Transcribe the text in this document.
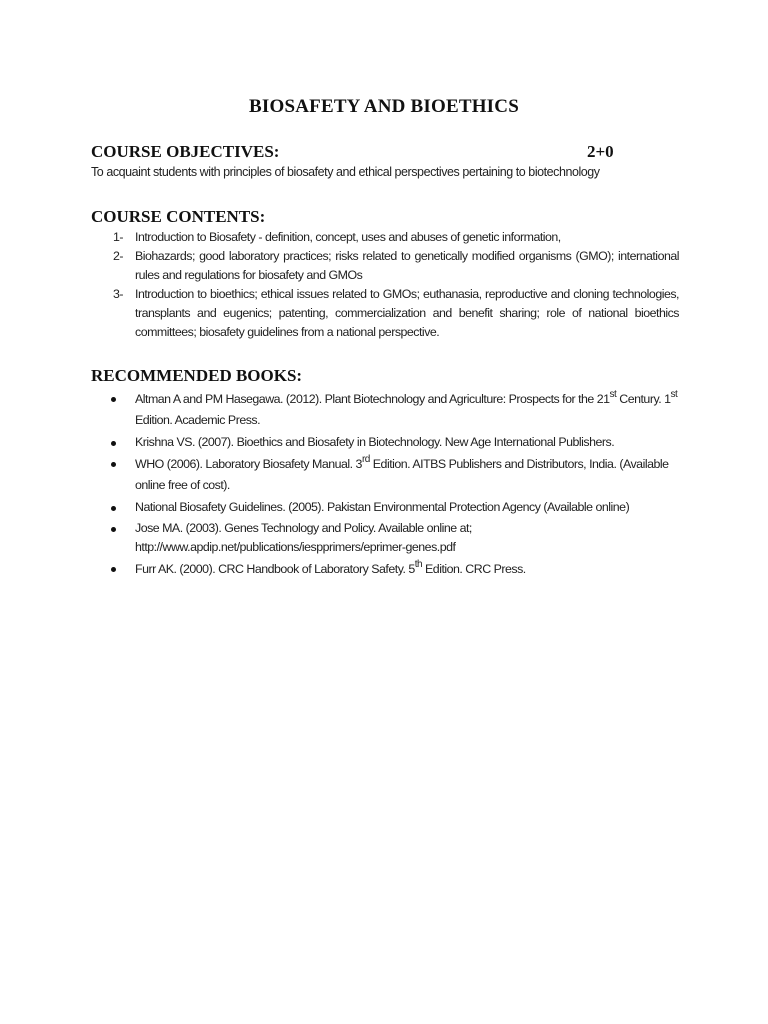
BIOSAFETY AND BIOETHICS
COURSE OBJECTIVES:	2+0
To acquaint students with principles of biosafety and ethical perspectives pertaining to biotechnology
COURSE CONTENTS:
1- Introduction to Biosafety - definition, concept, uses and abuses of genetic information,
2- Biohazards; good laboratory practices; risks related to genetically modified organisms (GMO); international rules and regulations for biosafety and GMOs
3- Introduction to bioethics; ethical issues related to GMOs; euthanasia, reproductive and cloning technologies, transplants and eugenics; patenting, commercialization and benefit sharing; role of national bioethics committees; biosafety guidelines from a national perspective.
RECOMMENDED BOOKS:
Altman A and PM Hasegawa. (2012). Plant Biotechnology and Agriculture: Prospects for the 21st Century. 1st Edition. Academic Press.
Krishna VS. (2007). Bioethics and Biosafety in Biotechnology. New Age International Publishers.
WHO (2006). Laboratory Biosafety Manual. 3rd Edition. AITBS Publishers and Distributors, India. (Available online free of cost).
National Biosafety Guidelines. (2005). Pakistan Environmental Protection Agency (Available online)
Jose MA. (2003). Genes Technology and Policy. Available online at;
http://www.apdip.net/publications/iespprimers/eprimer-genes.pdf
Furr AK. (2000). CRC Handbook of Laboratory Safety. 5th Edition. CRC Press.
